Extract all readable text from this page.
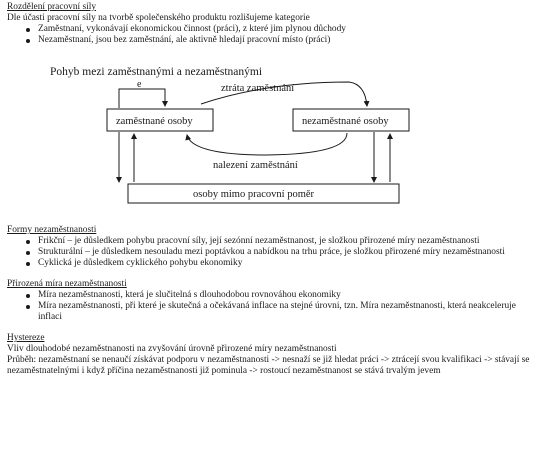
Rozdělení pracovní síly

Dle účasti pracovní síly na tvorbě společenského produktu rozlišujeme kategorie

Zaměstnaní, vykonávají ekonomickou činnost (práci), z které jim plynou důchody
Nezaměstnaní, jsou bez zaměstnání, ale aktivně hledají pracovní místo (práci)
Pohyb mezi zaměstnanými a nezaměstnanými
e	ztráta zaměstnání
zaměstnané osoby	nezaměstnané osoby
nalezení zaměstnání
osoby mimo pracovní poměr

Formy nezaměstnanosti

Frikční – je důsledkem pohybu pracovní síly, její sezónní nezaměstnanost, je složkou přirozené míry nezaměstnanosti
Strukturální – je důsledkem nesouladu mezi poptávkou a nabídkou na trhu práce, je složkou přirozené míry nezaměstnanosti
Cyklická je důsledkem cyklického pohybu ekonomiky

Přirozená míra nezaměstnanosti

Míra nezaměstnanosti, která je slučitelná s dlouhodobou rovnováhou ekonomiky
Míra nezaměstnanosti, při které je skutečná a očekávaná inflace na stejné úrovni, tzn. Míra nezaměstnanosti, která neakceleruje inflaci

Hystereze

Vliv dlouhodobé nezaměstnanosti na zvyšování úrovně přirozené míry nezaměstnanosti

Průběh: nezaměstnaní se nenaučí získávat podporu v nezaměstnanosti -> nesnaží se již hledat práci -> ztrácejí svou kvalifikaci -> stávají se nezaměstnatelnými i když příčina nezaměstnanosti již pominula -> rostoucí nezaměstnanost se stává trvalým jevem
